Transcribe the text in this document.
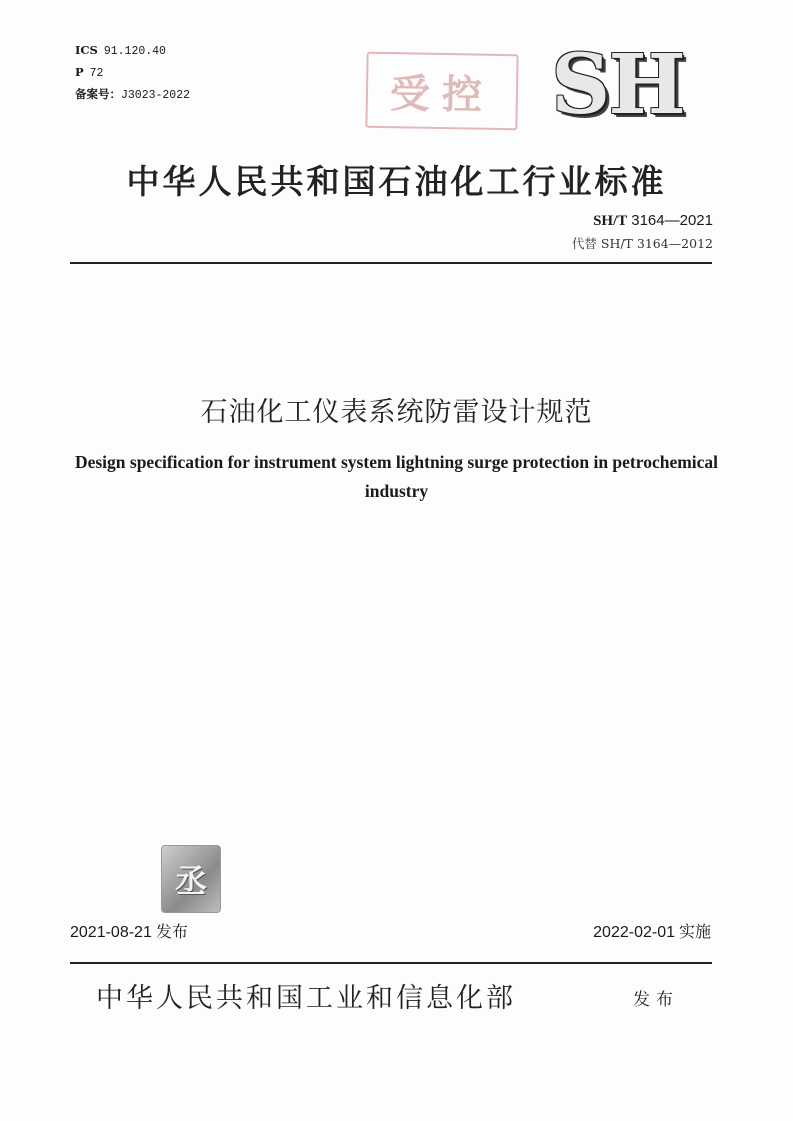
ICS 91.120.40
P 72
备案号：J3023-2022	受控 SH
中华人民共和国石油化工行业标准
SH/T 3164—2021
代替 SH/T 3164—2012
石油化工仪表系统防雷设计规范
Design specification for instrument system lightning surge protection in petrochemical industry
丞
2021-08-21 发布	2022-02-01 实施
中华人民共和国工业和信息化部	发布
